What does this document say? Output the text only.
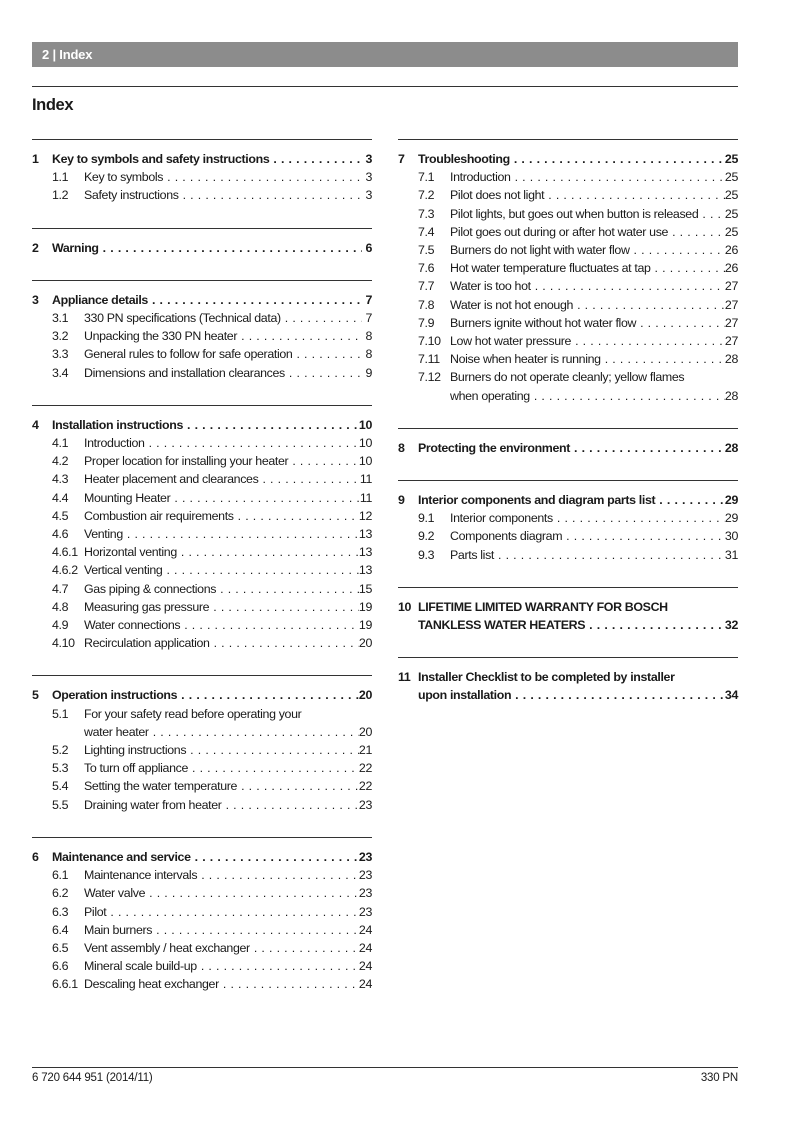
2 | Index
Index
1	Key to symbols and safety instructions . . .	3
1.1	Key to symbols . . .	3
1.2	Safety instructions . . .	3
2	Warning . . .	6
3	Appliance details . . .	7
3.1	330 PN specifications (Technical data) . . .	7
3.2	Unpacking the 330 PN heater . . .	8
3.3	General rules to follow for safe operation . . .	8
3.4	Dimensions and installation clearances . . .	9
4	Installation instructions . . .	10
4.1	Introduction . . .	10
4.2	Proper location for installing your heater . . .	10
4.3	Heater placement and clearances . . .	11
4.4	Mounting Heater . . .	11
4.5	Combustion air requirements . . .	12
4.6	Venting . . .	13
4.6.1 Horizontal venting . . .	13
4.6.2 Vertical venting . . .	13
4.7	Gas piping & connections . . .	15
4.8	Measuring gas pressure . . .	19
4.9	Water connections . . .	19
4.10 Recirculation application . . .	20
5	Operation instructions . . .	20
5.1	For your safety read before operating your
water heater . . .	20
5.2	Lighting instructions . . .	21
5.3	To turn off appliance . . .	22
5.4	Setting the water temperature . . .	22
5.5	Draining water from heater . . .	23
6	Maintenance and service . . .	23
6.1	Maintenance intervals . . .	23
6.2	Water valve . . .	23
6.3	Pilot . . .	23
6.4	Main burners . . .	24
6.5	Vent assembly / heat exchanger . . .	24
6.6	Mineral scale build-up . . .	24
6.6.1 Descaling heat exchanger . . .	24
7	Troubleshooting . . .	25
7.1	Introduction . . .	25
7.2	Pilot does not light . . .	25
7.3	Pilot lights, but goes out when button is released . . . 25
7.4	Pilot goes out during or after hot water use . . .	25
7.5	Burners do not light with water flow . . .	26
7.6	Hot water temperature fluctuates at tap . . .	26
7.7	Water is too hot . . .	27
7.8	Water is not hot enough . . .	27
7.9	Burners ignite without hot water flow . . .	27
7.10 Low hot water pressure . . .	27
7.11 Noise when heater is running . . .	28
7.12 Burners do not operate cleanly; yellow flames
when operating . . .	28
8	Protecting the environment . . .	28
9	Interior components and diagram parts list . . .	29
9.1	Interior components . . .	29
9.2	Components diagram . . .	30
9.3	Parts list . . .	31
10 LIFETIME LIMITED WARRANTY FOR BOSCH
TANKLESS WATER HEATERS . . .	32
11 Installer Checklist to be completed by installer
upon installation . . .	34
6 720 644 951 (2014/11)	330 PN
